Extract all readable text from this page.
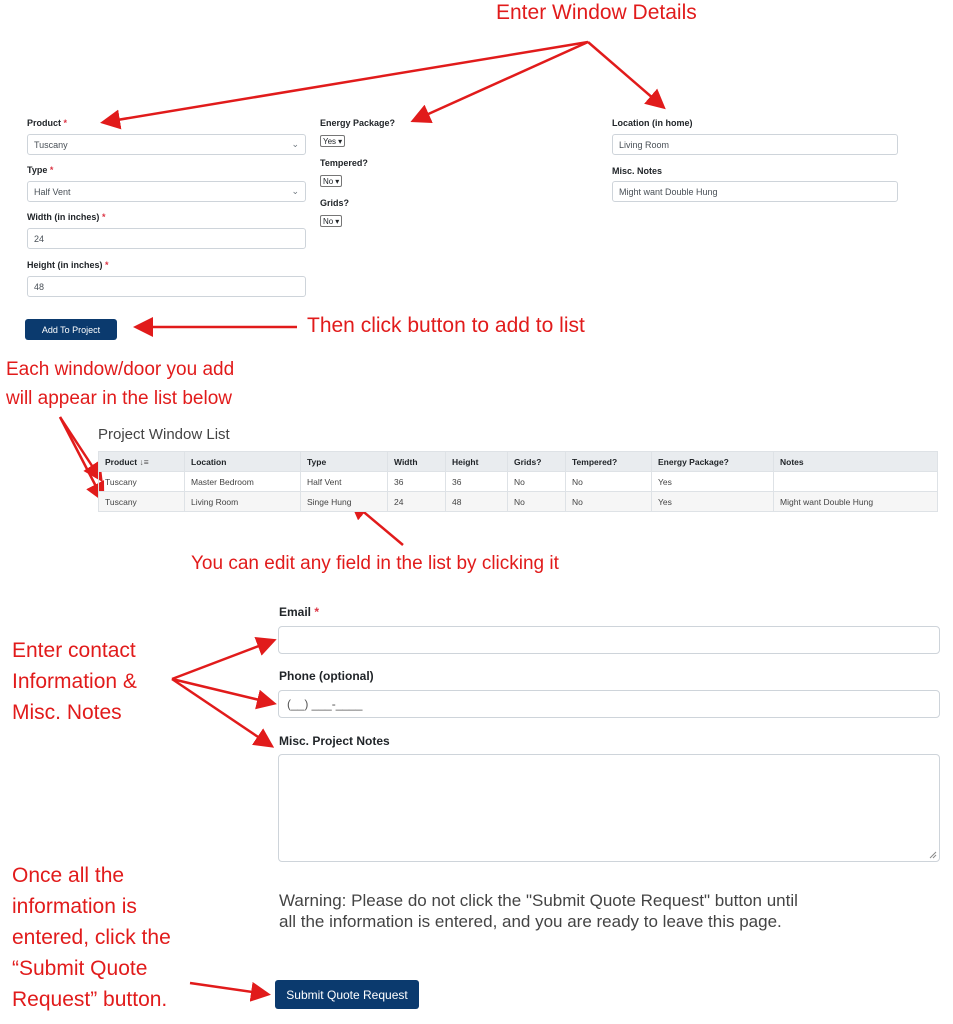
Enter Window Details
Then click button to add to list
Each window/door you add
will appear in the list below
You can edit any field in the list by clicking it
Enter contact
Information &
Misc. Notes
Once all the
information is
entered, click the
“Submit Quote
Request” button.
Product *
Tuscany	⌄
Type *
Half Vent	⌄
Width (in inches) *
24
Height (in inches) *
48
Add To Project
Energy Package?
Yes ▾
Tempered?
No ▾
Grids?
No ▾
Location (in home)
Living Room
Misc. Notes
Might want Double Hung
Project Window List
Product ↓≡	Location	Type	Width	Height	Grids?	Tempered?	Energy Package?	Notes
Tuscany	Master Bedroom	Half Vent	36	36	No	No	Yes	
Tuscany	Living Room	Singe Hung	24	48	No	No	Yes	Might want Double Hung
Email *
Phone (optional)
(__) ___-____
Misc. Project Notes
Warning: Please do not click the "Submit Quote Request" button until all the information is entered, and you are ready to leave this page.
Submit Quote Request
